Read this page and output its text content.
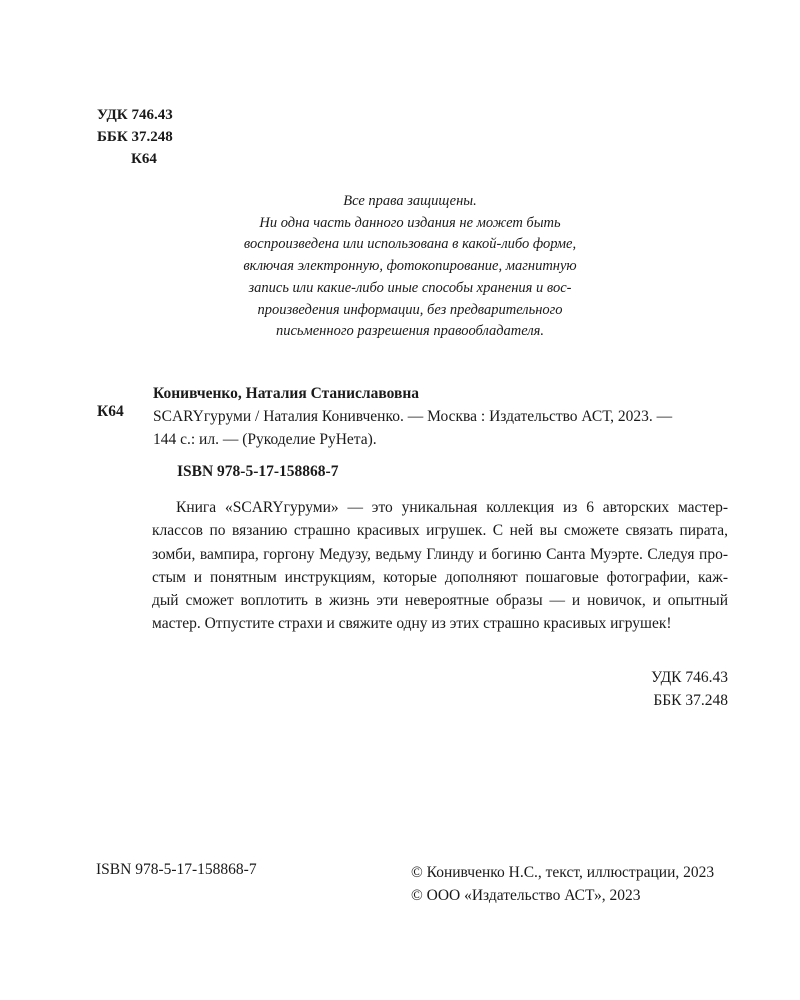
УДК 746.43
ББК 37.248
К64
Все права защищены.
Ни одна часть данного издания не может быть
воспроизведена или использована в какой-либо форме,
включая электронную, фотокопирование, магнитную
запись или какие-либо иные способы хранения и вос-
произведения информации, без предварительного
письменного разрешения правообладателя.
К64
Конивченко, Наталия Станиславовна
SCARYгуруми / Наталия Конивченко. — Москва : Издательство АСТ, 2023. —
144 с.: ил. — (Рукоделие РуНета).
ISBN 978-5-17-158868-7
Книга «SCARYгуруми» — это уникальная коллекция из 6 авторских мастер-
классов по вязанию страшно красивых игрушек. С ней вы сможете связать пирата,
зомби, вампира, горгону Медузу, ведьму Глинду и богиню Санта Муэрте. Следуя про-
стым и понятным инструкциям, которые дополняют пошаговые фотографии, каж-
дый сможет воплотить в жизнь эти невероятные образы — и новичок, и опытный
мастер. Отпустите страхи и свяжите одну из этих страшно красивых игрушек!
УДК 746.43
ББК 37.248
ISBN 978-5-17-158868-7	© Конивченко Н.С., текст, иллюстрации, 2023
© ООО «Издательство АСТ», 2023
